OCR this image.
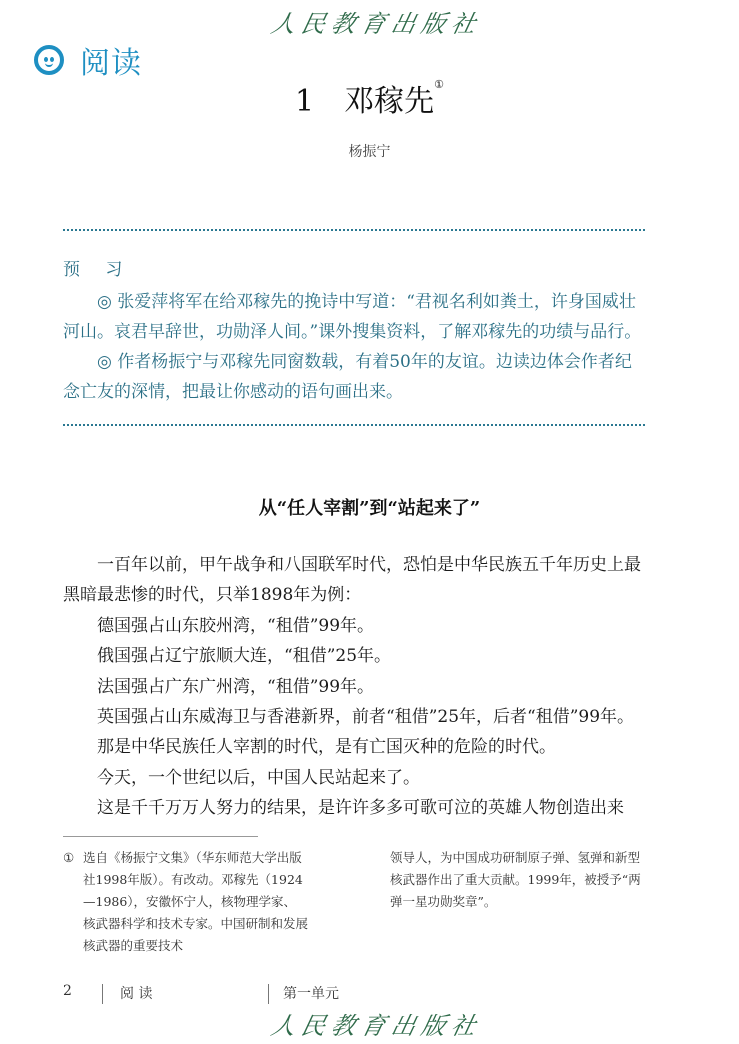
人民教育出版社
阅读
1 邓稼先①
杨振宁
预 习

◎ 张爱萍将军在给邓稼先的挽诗中写道：“君视名利如粪土，许身国威壮河山。哀君早辞世，功勋泽人间。”课外搜集资料，了解邓稼先的功绩与品行。

◎ 作者杨振宁与邓稼先同窗数载，有着50年的友谊。边读边体会作者纪念亡友的深情，把最让你感动的语句画出来。

从“任人宰割”到“站起来了”

一百年以前，甲午战争和八国联军时代，恐怕是中华民族五千年历史上最黑暗最悲惨的时代，只举1898年为例：

德国强占山东胶州湾，“租借”99年。

俄国强占辽宁旅顺大连，“租借”25年。

法国强占广东广州湾，“租借”99年。

英国强占山东威海卫与香港新界，前者“租借”25年，后者“租借”99年。

那是中华民族任人宰割的时代，是有亡国灭种的危险的时代。

今天，一个世纪以后，中国人民站起来了。

这是千千万万人努力的结果，是许许多多可歌可泣的英雄人物创造出来

① 选自《杨振宁文集》（华东师范大学出版社1998年版）。有改动。邓稼先（1924—1986），安徽怀宁人，核物理学家、核武器科学和技术专家。中国研制和发展核武器的重要技术
领导人，为中国成功研制原子弹、氢弹和新型核武器作出了重大贡献。1999年，被授予“两弹一星功勋奖章”。
2	阅 读	第一单元
人民教育出版社
